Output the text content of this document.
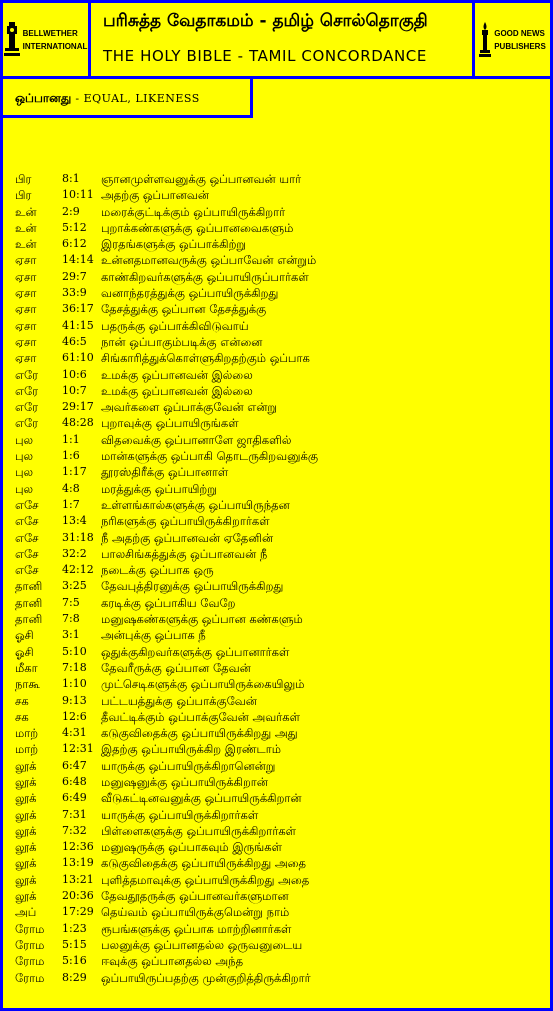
BELLWETHER
INTERNATIONAL
பரிசுத்த வேதாகமம் - தமிழ் சொல்தொகுதி
THE HOLY BIBLE - TAMIL CONCORDANCE
GOOD NEWS
PUBLISHERS
ஒப்பானது - EQUAL, LIKENESS
பிர	8:1 ஞானமுள்ளவனுக்கு ஒப்பானவன் யார்
பிர	10:11 அதற்கு ஒப்பானவன்
உன் 2:9 மரைக்குட்டிக்கும் ஒப்பாயிருக்கிறார்
உன் 5:12 புறாக்கண்களுக்கு ஒப்பானவைகளும்
உன் 6:12 இரதங்களுக்கு ஒப்பாக்கிற்று
ஏசா 14:14 உன்னதமானவருக்கு ஒப்பாவேன் என்றும்
ஏசா 29:7 காண்கிறவர்களுக்கு ஒப்பாயிருப்பார்கள்
ஏசா 33:9 வனாந்தரத்துக்கு ஒப்பாயிருக்கிறது
ஏசா 36:17 தேசத்துக்கு ஒப்பான தேசத்துக்கு
ஏசா 41:15 பதருக்கு ஒப்பாக்கிவிடுவாய்
ஏசா 46:5 நான் ஒப்பாகும்படிக்கு என்னை
ஏசா 61:10 சிங்காரித்துக்கொள்ளுகிறதற்கும் ஒப்பாக
எரே 10:6 உமக்கு ஒப்பானவன் இல்லை
எரே 10:7 உமக்கு ஒப்பானவன் இல்லை
எரே 29:17 அவர்களை ஒப்பாக்குவேன் என்று
எரே 48:28 புறாவுக்கு ஒப்பாயிருங்கள்
புல	1:1 விதவைக்கு ஒப்பானாளே ஜாதிகளில்
புல	1:6 மான்களுக்கு ஒப்பாகி தொடருகிறவனுக்கு
புல	1:17 தூரஸ்திரீக்கு ஒப்பானாள்
புல	4:8 மரத்துக்கு ஒப்பாயிற்று
எசே 1:7 உள்ளங்கால்களுக்கு ஒப்பாயிருந்தன
எசே 13:4 நரிகளுக்கு ஒப்பாயிருக்கிறார்கள்
எசே 31:18 நீ அதற்கு ஒப்பானவன் ஏதேனின்
எசே 32:2 பாலசிங்கத்துக்கு ஒப்பானவன் நீ
எசே 42:12 நடைக்கு ஒப்பாக ஒரு
தானி 3:25 தேவபுத்திரனுக்கு ஒப்பாயிருக்கிறது
தானி 7:5 கரடிக்கு ஒப்பாகிய வேறே
தானி 7:8 மனுஷகண்களுக்கு ஒப்பான கண்களும்
ஓசி	3:1 அன்புக்கு ஒப்பாக நீ
ஓசி	5:10 ஒதுக்குகிறவர்களுக்கு ஒப்பானார்கள்
மீகா 7:18 தேவரீருக்கு ஒப்பான தேவன்
நாகூ 1:10 முட்செடிகளுக்கு ஒப்பாயிருக்கையிலும்
சக	9:13 பட்டயத்துக்கு ஒப்பாக்குவேன்
சக	12:6 தீவட்டிக்கும் ஒப்பாக்குவேன் அவர்கள்
மாற் 4:31 கடுகுவிதைக்கு ஒப்பாயிருக்கிறது அது
மாற் 12:31 இதற்கு ஒப்பாயிருக்கிற இரண்டாம்
லூக் 6:47 யாருக்கு ஒப்பாயிருக்கிறானென்று
லூக் 6:48 மனுஷனுக்கு ஒப்பாயிருக்கிறான்
லூக் 6:49 வீடுகட்டினவனுக்கு ஒப்பாயிருக்கிறான்
லூக் 7:31 யாருக்கு ஒப்பாயிருக்கிறார்கள்
லூக் 7:32 பிள்ளைகளுக்கு ஒப்பாயிருக்கிறார்கள்
லூக் 12:36 மனுஷருக்கு ஒப்பாகவும் இருங்கள்
லூக் 13:19 கடுகுவிதைக்கு ஒப்பாயிருக்கிறது அதை
லூக் 13:21 புளித்தமாவுக்கு ஒப்பாயிருக்கிறது அதை
லூக் 20:36 தேவதூதருக்கு ஒப்பானவர்களுமான
அப் 17:29 தெய்வம் ஒப்பாயிருக்குமென்று நாம்
ரோம 1:23 ரூபங்களுக்கு ஒப்பாக மாற்றினார்கள்
ரோம 5:15 பலனுக்கு ஒப்பானதல்ல ஒருவனுடைய
ரோம 5:16 ஈவுக்கு ஒப்பானதல்ல அந்த
ரோம 8:29 ஒப்பாயிருப்பதற்கு முன்குறித்திருக்கிறார்
